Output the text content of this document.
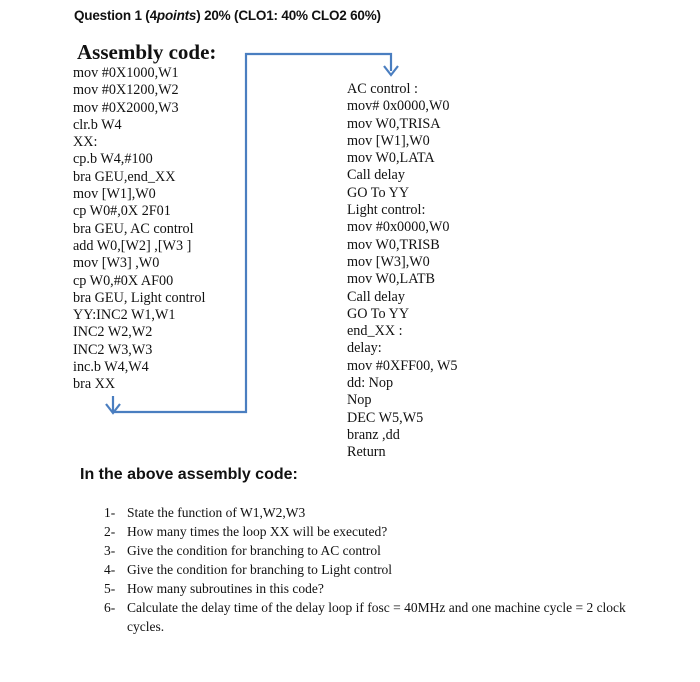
Question 1 (4points) 20% (CLO1: 40% CLO2 60%)
Assembly code:
mov #0X1000,W1
mov #0X1200,W2
mov #0X2000,W3
clr.b W4
XX:
cp.b W4,#100
bra GEU,end_XX
mov [W1],W0
cp W0#,0X 2F01
bra GEU, AC control
add W0,[W2] ,[W3 ]
mov [W3] ,W0
cp W0,#0X AF00
bra GEU, Light control
YY:INC2 W1,W1
INC2 W2,W2
INC2 W3,W3
inc.b W4,W4
bra XX
AC control :
mov# 0x0000,W0
mov W0,TRISA
mov [W1],W0
mov W0,LATA
Call delay
GO To YY
Light control:
mov #0x0000,W0
mov W0,TRISB
mov [W3],W0
mov W0,LATB
Call delay
GO To YY
end_XX :
delay:
mov #0XFF00, W5
dd: Nop
Nop
DEC W5,W5
branz ,dd
Return
In the above assembly code:
1- State the function of W1,W2,W3
2- How many times the loop XX will be executed?
3- Give the condition for branching to AC control
4- Give the condition for branching to Light control
5- How many subroutines in this code?
6- Calculate the delay time of the delay loop if fosc = 40MHz and one machine cycle = 2 clock cycles.
